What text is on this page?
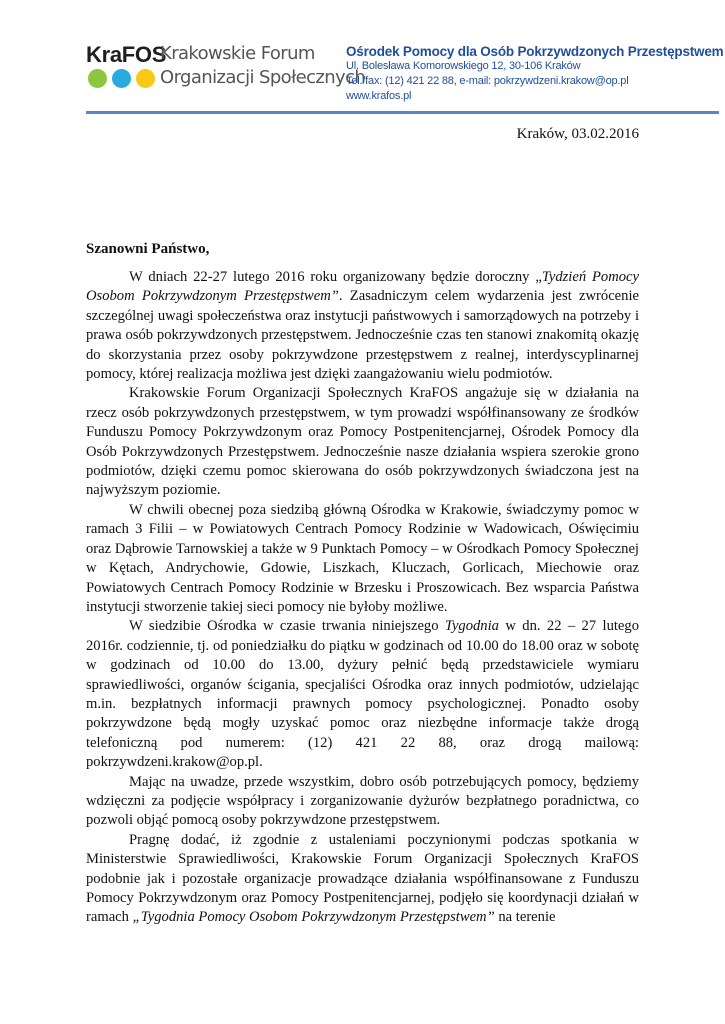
KraFOS
Krakowskie Forum
Organizacji Społecznych
Ośrodek Pomocy dla Osób Pokrzywdzonych Przestępstwem
Ul. Bolesława Komorowskiego 12, 30-106 Kraków
Tel./fax: (12) 421 22 88, e-mail: pokrzywdzeni.krakow@op.pl
www.krafos.pl
Kraków, 03.02.2016
Szanowni Państwo,

W dniach 22-27 lutego 2016 roku organizowany będzie doroczny „Tydzień Pomocy Osobom Pokrzywdzonym Przestępstwem”. Zasadniczym celem wydarzenia jest zwrócenie szczególnej uwagi społeczeństwa oraz instytucji państwowych i samorządowych na potrzeby i prawa osób pokrzywdzonych przestępstwem. Jednocześnie czas ten stanowi znakomitą okazję do skorzystania przez osoby pokrzywdzone przestępstwem z realnej, interdyscyplinarnej pomocy, której realizacja możliwa jest dzięki zaangażowaniu wielu podmiotów.

Krakowskie Forum Organizacji Społecznych KraFOS angażuje się w działania na rzecz osób pokrzywdzonych przestępstwem, w tym prowadzi współfinansowany ze środków Funduszu Pomocy Pokrzywdzonym oraz Pomocy Postpenitencjarnej, Ośrodek Pomocy dla Osób Pokrzywdzonych Przestępstwem. Jednocześnie nasze działania wspiera szerokie grono podmiotów, dzięki czemu pomoc skierowana do osób pokrzywdzonych świadczona jest na najwyższym poziomie.

W chwili obecnej poza siedzibą główną Ośrodka w Krakowie, świadczymy pomoc w ramach 3 Filii – w Powiatowych Centrach Pomocy Rodzinie w Wadowicach, Oświęcimiu oraz Dąbrowie Tarnowskiej a także w 9 Punktach Pomocy – w Ośrodkach Pomocy Społecznej w Kętach, Andrychowie, Gdowie, Liszkach, Kluczach, Gorlicach, Miechowie oraz Powiatowych Centrach Pomocy Rodzinie w Brzesku i Proszowicach. Bez wsparcia Państwa instytucji stworzenie takiej sieci pomocy nie byłoby możliwe.

W siedzibie Ośrodka w czasie trwania niniejszego Tygodnia w dn. 22 – 27 lutego 2016r. codziennie, tj. od poniedziałku do piątku w godzinach od 10.00 do 18.00 oraz w sobotę w godzinach od 10.00 do 13.00, dyżury pełnić będą przedstawiciele wymiaru sprawiedliwości, organów ścigania, specjaliści Ośrodka oraz innych podmiotów, udzielając m.in. bezpłatnych informacji prawnych pomocy psychologicznej. Ponadto osoby pokrzywdzone będą mogły uzyskać pomoc oraz niezbędne informacje także drogą telefoniczną pod numerem: (12) 421 22 88, oraz drogą mailową: pokrzywdzeni.krakow@op.pl.

Mając na uwadze, przede wszystkim, dobro osób potrzebujących pomocy, będziemy wdzięczni za podjęcie współpracy i zorganizowanie dyżurów bezpłatnego poradnictwa, co pozwoli objąć pomocą osoby pokrzywdzone przestępstwem.

Pragnę dodać, iż zgodnie z ustaleniami poczynionymi podczas spotkania w Ministerstwie Sprawiedliwości, Krakowskie Forum Organizacji Społecznych KraFOS podobnie jak i pozostałe organizacje prowadzące działania współfinansowane z Funduszu Pomocy Pokrzywdzonym oraz Pomocy Postpenitencjarnej, podjęło się koordynacji działań w ramach „Tygodnia Pomocy Osobom Pokrzywdzonym Przestępstwem” na terenie
